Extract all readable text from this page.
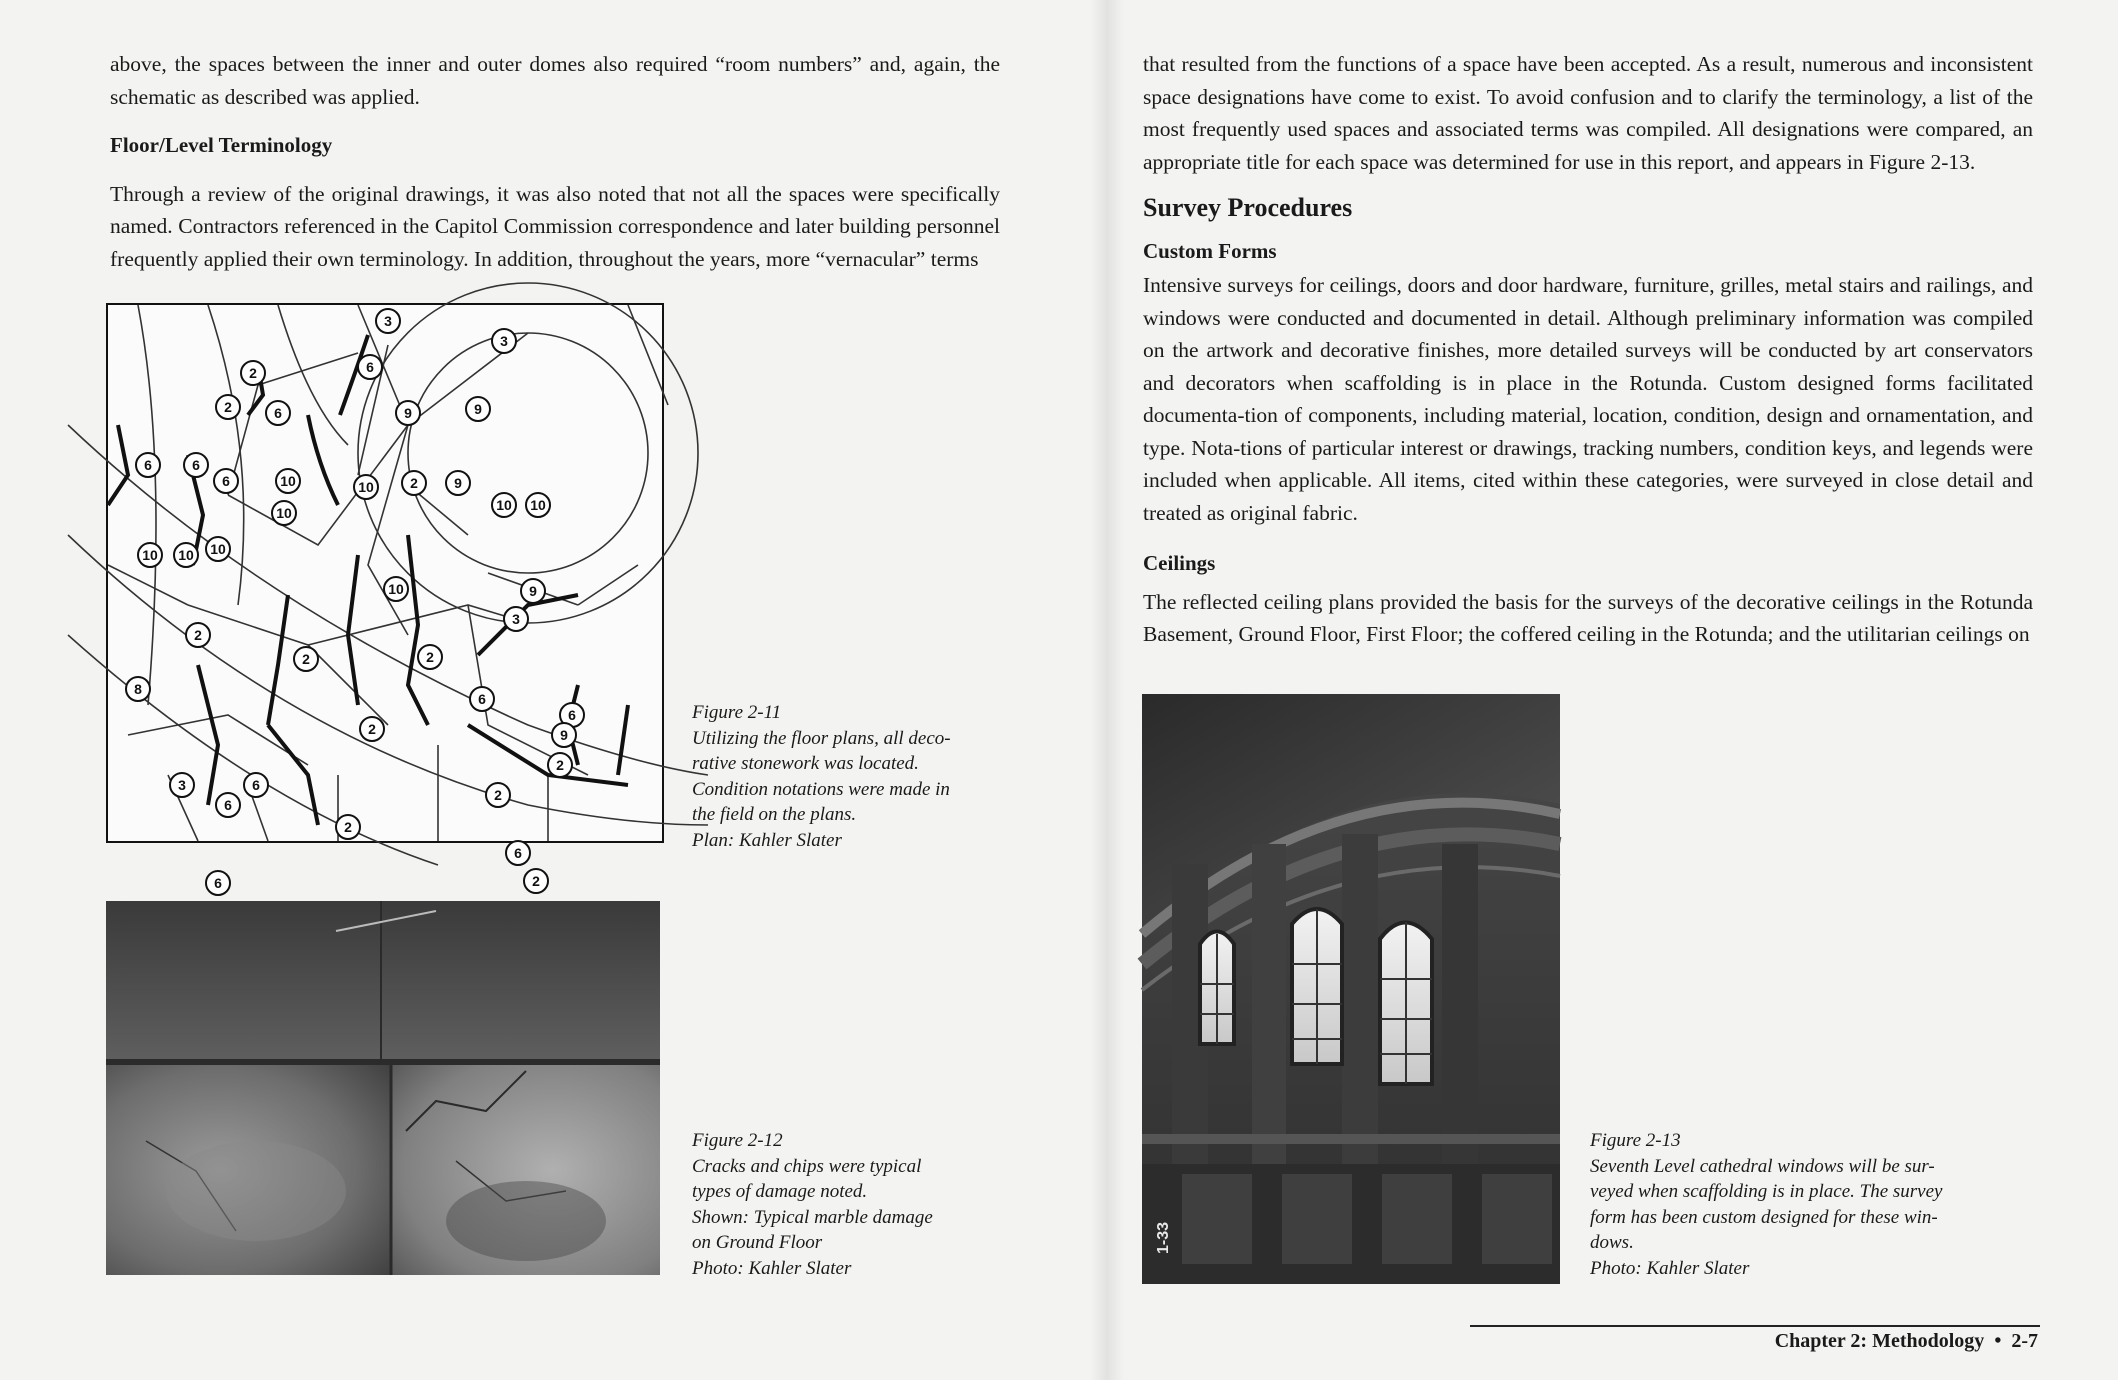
above, the spaces between the inner and outer domes also required “room numbers” and, again, the schematic as described was applied.

Floor/Level Terminology

Through a review of the original drawings, it was also noted that not all the spaces were specifically named. Contractors referenced in the Capitol Commission correspondence and later building personnel frequently applied their own terminology. In addition, throughout the years, more “vernacular” terms

3
3
2	6
2	6	9	9
6	6
6	10	10
10 10 10
10	10
2	9
10
10	9
2
3
2
6
2
8
2
3	6
2
2
6
9
2
6
6
2
6
Figure 2-11
Utilizing the floor plans, all deco-
rative stonework was located.
Condition notations were made in
the field on the plans.
Plan: Kahler Slater
Figure 2-12
Cracks and chips were typical
types of damage noted.
Shown: Typical marble damage
on Ground Floor
Photo: Kahler Slater

that resulted from the functions of a space have been accepted. As a result, numerous and inconsistent space designations have come to exist. To avoid confusion and to clarify the terminology, a list of the most frequently used spaces and associated terms was compiled. All designations were compared, an appropriate title for each space was determined for use in this report, and appears in Figure 2-13.

Survey Procedures

Custom Forms

Intensive surveys for ceilings, doors and door hardware, furniture, grilles, metal stairs and railings, and windows were conducted and documented in detail. Although preliminary information was compiled on the artwork and decorative finishes, more detailed surveys will be conducted by art conservators and decorators when scaffolding is in place in the Rotunda. Custom designed forms facilitated documenta-tion of components, including material, location, condition, design and ornamentation, and type. Nota-tions of particular interest or drawings, tracking numbers, condition keys, and legends were included when applicable. All items, cited within these categories, were surveyed in close detail and treated as original fabric.

Ceilings

The reflected ceiling plans provided the basis for the surveys of the decorative ceilings in the Rotunda Basement, Ground Floor, First Floor; the coffered ceiling in the Rotunda; and the utilitarian ceilings on

1-33
Figure 2-13
Seventh Level cathedral windows will be sur-
veyed when scaffolding is in place. The survey
form has been custom designed for these win-
dows.
Photo: Kahler Slater
Chapter 2: Methodology • 2-7
